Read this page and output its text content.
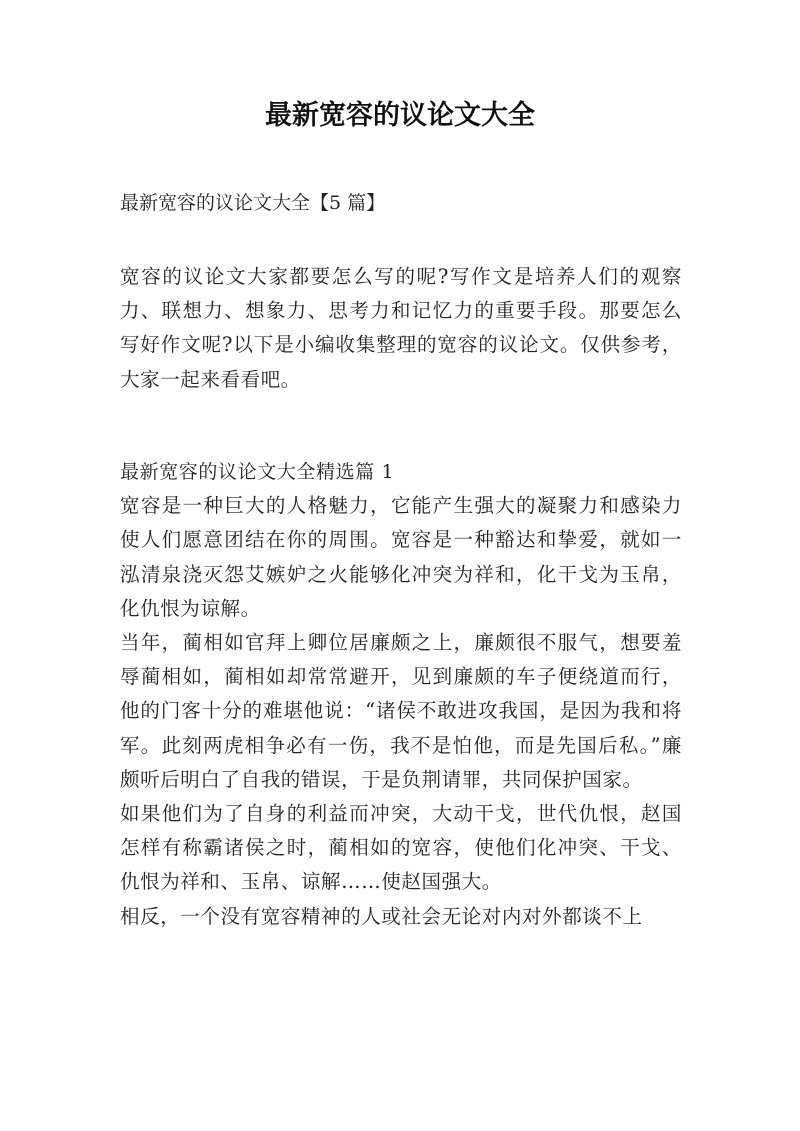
最新宽容的议论文大全

最新宽容的议论文大全【5 篇】

宽容的议论文大家都要怎么写的呢?写作文是培养人们的观察力、联想力、想象力、思考力和记忆力的重要手段。那要怎么写好作文呢?以下是小编收集整理的宽容的议论文。仅供参考，大家一起来看看吧。

最新宽容的议论文大全精选篇 1

宽容是一种巨大的人格魅力，它能产生强大的凝聚力和感染力使人们愿意团结在你的周围。宽容是一种豁达和挚爱，就如一泓清泉浇灭怨艾嫉妒之火能够化冲突为祥和，化干戈为玉帛，化仇恨为谅解。

当年，蔺相如官拜上卿位居廉颇之上，廉颇很不服气，想要羞辱蔺相如，蔺相如却常常避开，见到廉颇的车子便绕道而行，他的门客十分的难堪他说：“诸侯不敢进攻我国，是因为我和将军。此刻两虎相争必有一伤，我不是怕他，而是先国后私。”廉颇听后明白了自我的错误，于是负荆请罪，共同保护国家。

如果他们为了自身的利益而冲突，大动干戈，世代仇恨，赵国怎样有称霸诸侯之时，蔺相如的宽容，使他们化冲突、干戈、仇恨为祥和、玉帛、谅解……使赵国强大。

相反，一个没有宽容精神的人或社会无论对内对外都谈不上
